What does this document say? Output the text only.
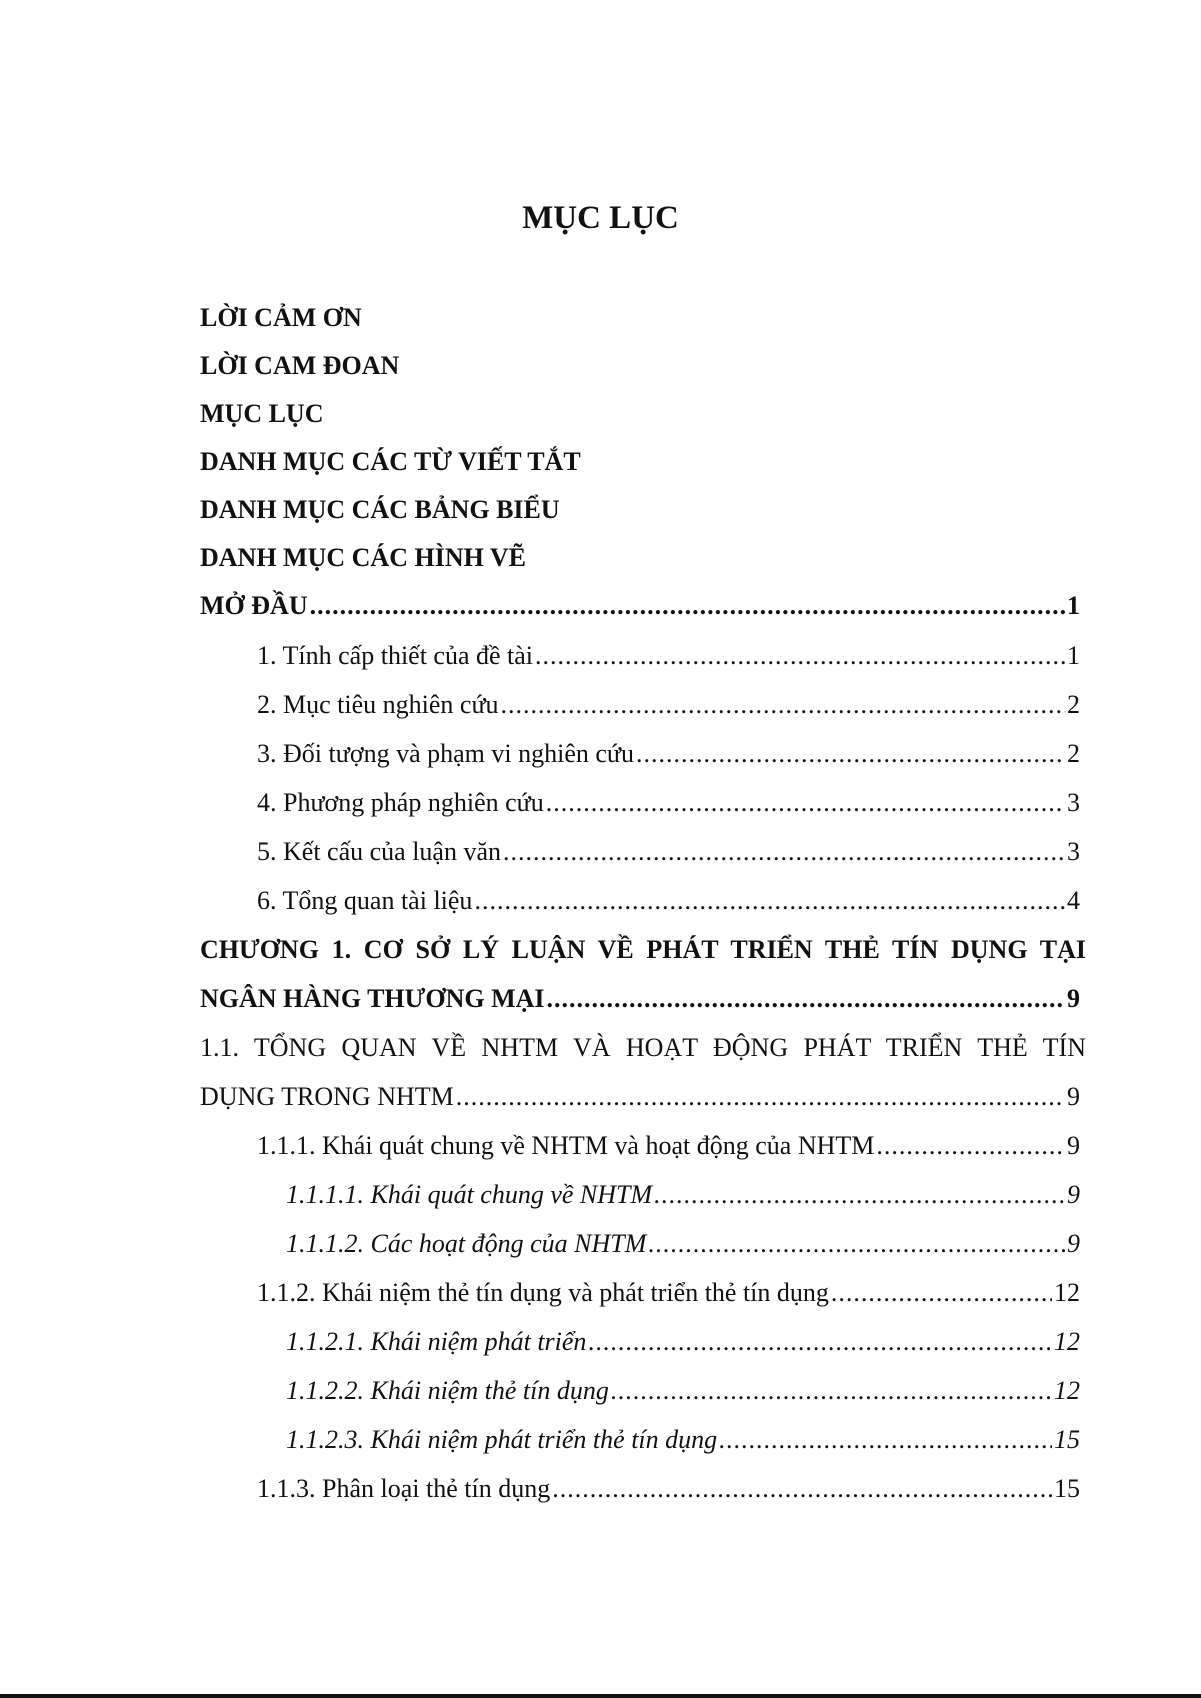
MỤC LỤC
LỜI CẢM ƠN
LỜI CAM ĐOAN
MỤC LỤC
DANH MỤC CÁC TỪ VIẾT TẮT
DANH MỤC CÁC BẢNG BIỂU
DANH MỤC CÁC HÌNH VẼ
MỞ ĐẦU .....	1
1. Tính cấp thiết của đề tài .....	1
2. Mục tiêu nghiên cứu .....	2
3. Đối tượng và phạm vi nghiên cứu .....	2
4. Phương pháp nghiên cứu .....	3
5. Kết cấu của luận văn .....	3
6. Tổng quan tài liệu .....	4
CHƯƠNG 1. CƠ SỞ LÝ LUẬN VỀ PHÁT TRIỂN THẺ TÍN DỤNG TẠI
NGÂN HÀNG THƯƠNG MẠI .....	9
1.1. TỔNG QUAN VỀ NHTM VÀ HOẠT ĐỘNG PHÁT TRIỂN THẺ TÍN
DỤNG TRONG NHTM .....	9
1.1.1. Khái quát chung về NHTM và hoạt động của NHTM .....	9
1.1.1.1. Khái quát chung về NHTM .....	9
1.1.1.2. Các hoạt động của NHTM .....	9
1.1.2. Khái niệm thẻ tín dụng và phát triển thẻ tín dụng .....	12
1.1.2.1. Khái niệm phát triển .....	12
1.1.2.2. Khái niệm thẻ tín dụng .....	12
1.1.2.3. Khái niệm phát triển thẻ tín dụng .....	15
1.1.3. Phân loại thẻ tín dụng .....	15
